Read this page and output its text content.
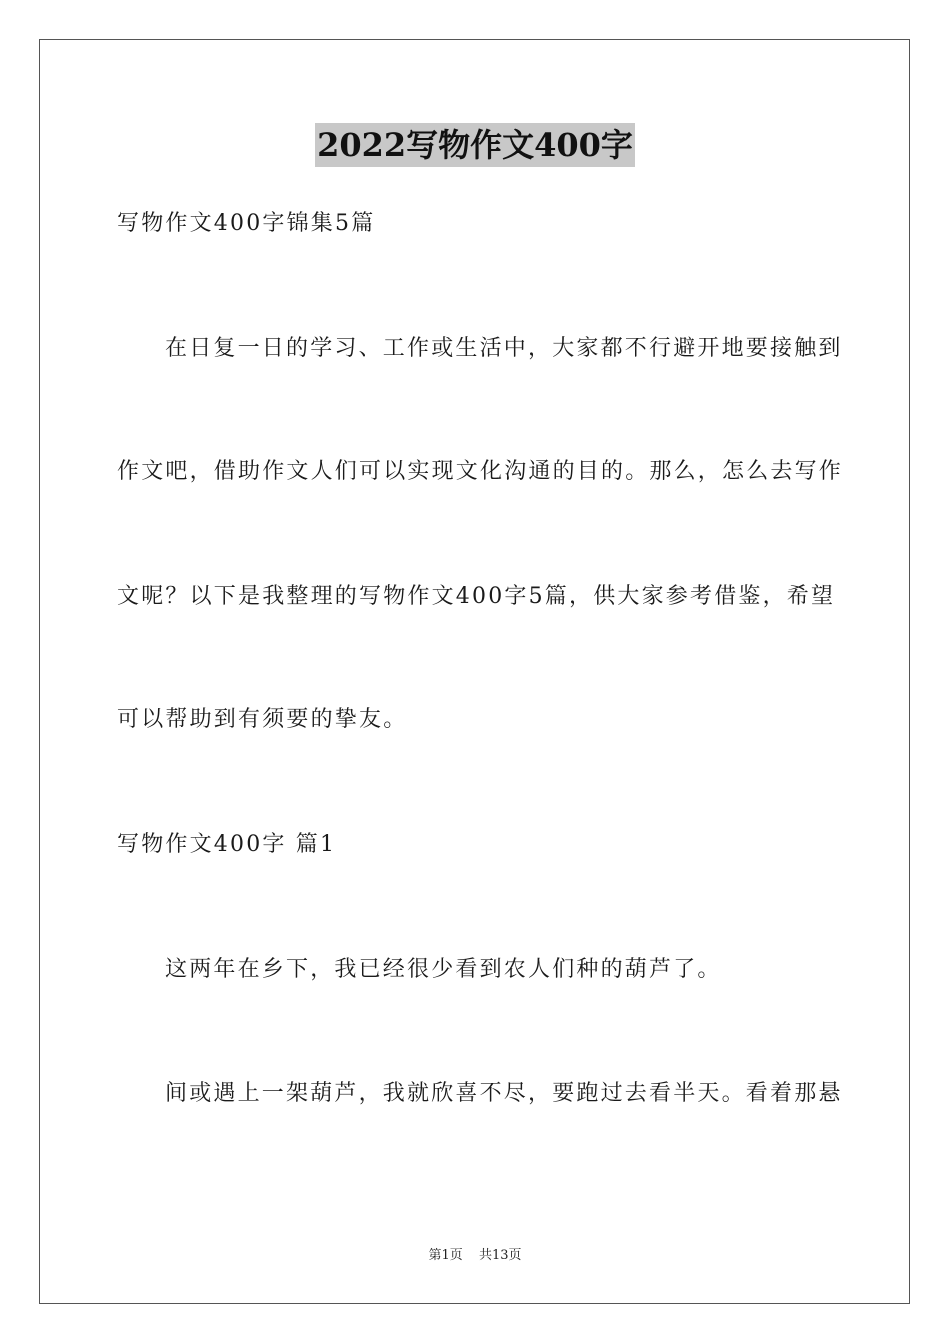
2022写物作文400字
写物作文400字锦集5篇
在日复一日的学习、工作或生活中，大家都不行避开地要接触到
作文吧，借助作文人们可以实现文化沟通的目的。那么，怎么去写作
文呢？以下是我整理的写物作文400字5篇，供大家参考借鉴，希望
可以帮助到有须要的挚友。
写物作文400字 篇1
这两年在乡下，我已经很少看到农人们种的葫芦了。
间或遇上一架葫芦，我就欣喜不尽，要跑过去看半天。看着那悬
第1页 共13页
